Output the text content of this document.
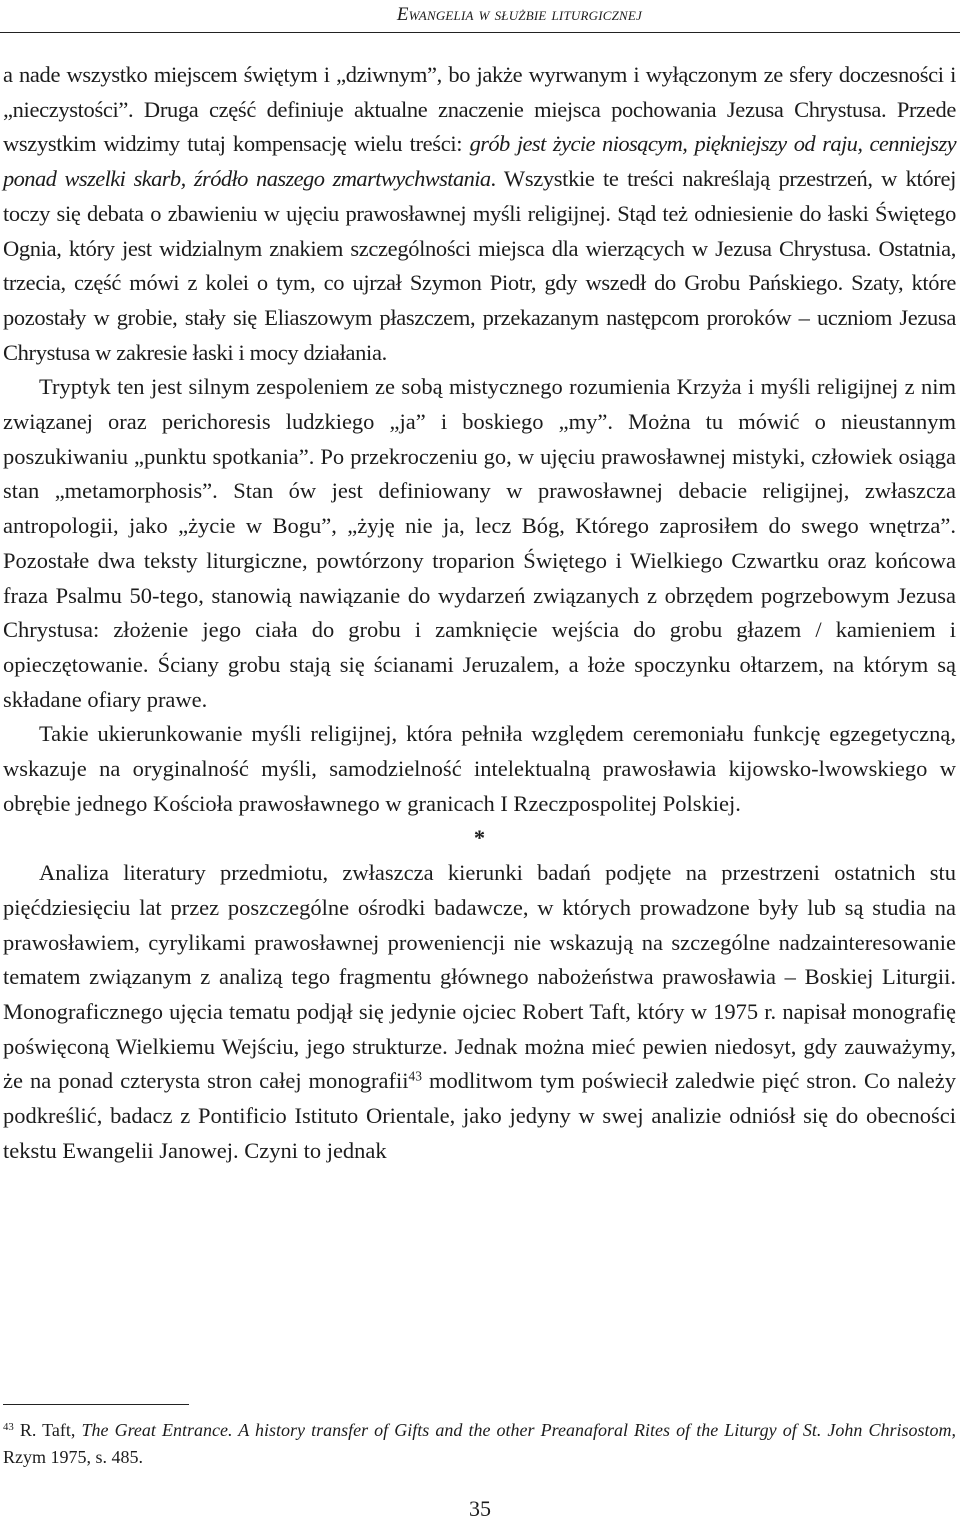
Ewangelia w służbie liturgicznej

a nade wszystko miejscem świętym i „dziwnym”, bo jakże wyrwanym i wyłączonym ze sfery doczesności i „nieczystości”. Druga część definiuje aktualne znaczenie miejsca pochowania Jezusa Chrystusa. Przede wszystkim widzimy tutaj kompensację wielu treści: grób jest życie niosącym, piękniejszy od raju, cenniejszy ponad wszelki skarb, źródło naszego zmartwychwstania. Wszystkie te treści nakreślają przestrzeń, w której toczy się debata o zbawieniu w ujęciu prawosławnej myśli religijnej. Stąd też odniesienie do łaski Świętego Ognia, który jest widzialnym znakiem szczególności miejsca dla wierzących w Jezusa Chrystusa. Ostatnia, trzecia, część mówi z kolei o tym, co ujrzał Szymon Piotr, gdy wszedł do Grobu Pańskiego. Szaty, które pozostały w grobie, stały się Eliaszowym płaszczem, przekazanym następcom proroków – uczniom Jezusa Chrystusa w zakresie łaski i mocy działania.

Tryptyk ten jest silnym zespoleniem ze sobą mistycznego rozumienia Krzyża i myśli religijnej z nim związanej oraz perichoresis ludzkiego „ja” i boskiego „my”. Można tu mówić o nieustannym poszukiwaniu „punktu spotkania”. Po przekroczeniu go, w ujęciu prawosławnej mistyki, człowiek osiąga stan „metamorphosis”. Stan ów jest definiowany w prawosławnej debacie religijnej, zwłaszcza antropologii, jako „życie w Bogu”, „żyję nie ja, lecz Bóg, Którego zaprosiłem do swego wnętrza”. Pozostałe dwa teksty liturgiczne, powtórzony troparion Świętego i Wielkiego Czwartku oraz końcowa fraza Psalmu 50-tego, stanowią nawiązanie do wydarzeń związanych z obrzędem pogrzebowym Jezusa Chrystusa: złożenie jego ciała do grobu i zamknięcie wejścia do grobu głazem / kamieniem i opieczętowanie. Ściany grobu stają się ścianami Jeruzalem, a łoże spoczynku ołtarzem, na którym są składane ofiary prawe.

Takie ukierunkowanie myśli religijnej, która pełniła względem ceremoniału funkcję egzegetyczną, wskazuje na oryginalność myśli, samodzielność intelektualną prawosławia kijowsko-lwowskiego w obrębie jednego Kościoła prawosławnego w granicach I Rzeczpospolitej Polskiej.

*

Analiza literatury przedmiotu, zwłaszcza kierunki badań podjęte na przestrzeni ostatnich stu pięćdziesięciu lat przez poszczególne ośrodki badawcze, w których prowadzone były lub są studia na prawosławiem, cyrylikami prawosławnej proweniencji nie wskazują na szczególne nadzainteresowanie tematem związanym z analizą tego fragmentu głównego nabożeństwa prawosławia – Boskiej Liturgii. Monograficznego ujęcia tematu podjął się jedynie ojciec Robert Taft, który w 1975 r. napisał monografię poświęconą Wielkiemu Wejściu, jego strukturze. Jednak można mieć pewien niedosyt, gdy zauważymy, że na ponad czterysta stron całej monografii$^{43}$ modlitwom tym poświecił zaledwie pięć stron. Co należy podkreślić, badacz z Pontificio Istituto Orientale, jako jedyny w swej analizie odniósł się do obecności tekstu Ewangelii Janowej. Czyni to jednak

$^{43}$ R. Taft, The Great Entrance. A history transfer of Gifts and the other Preanaforal Rites of the Liturgy of St. John Chrisostom, Rzym 1975, s. 485.
35
